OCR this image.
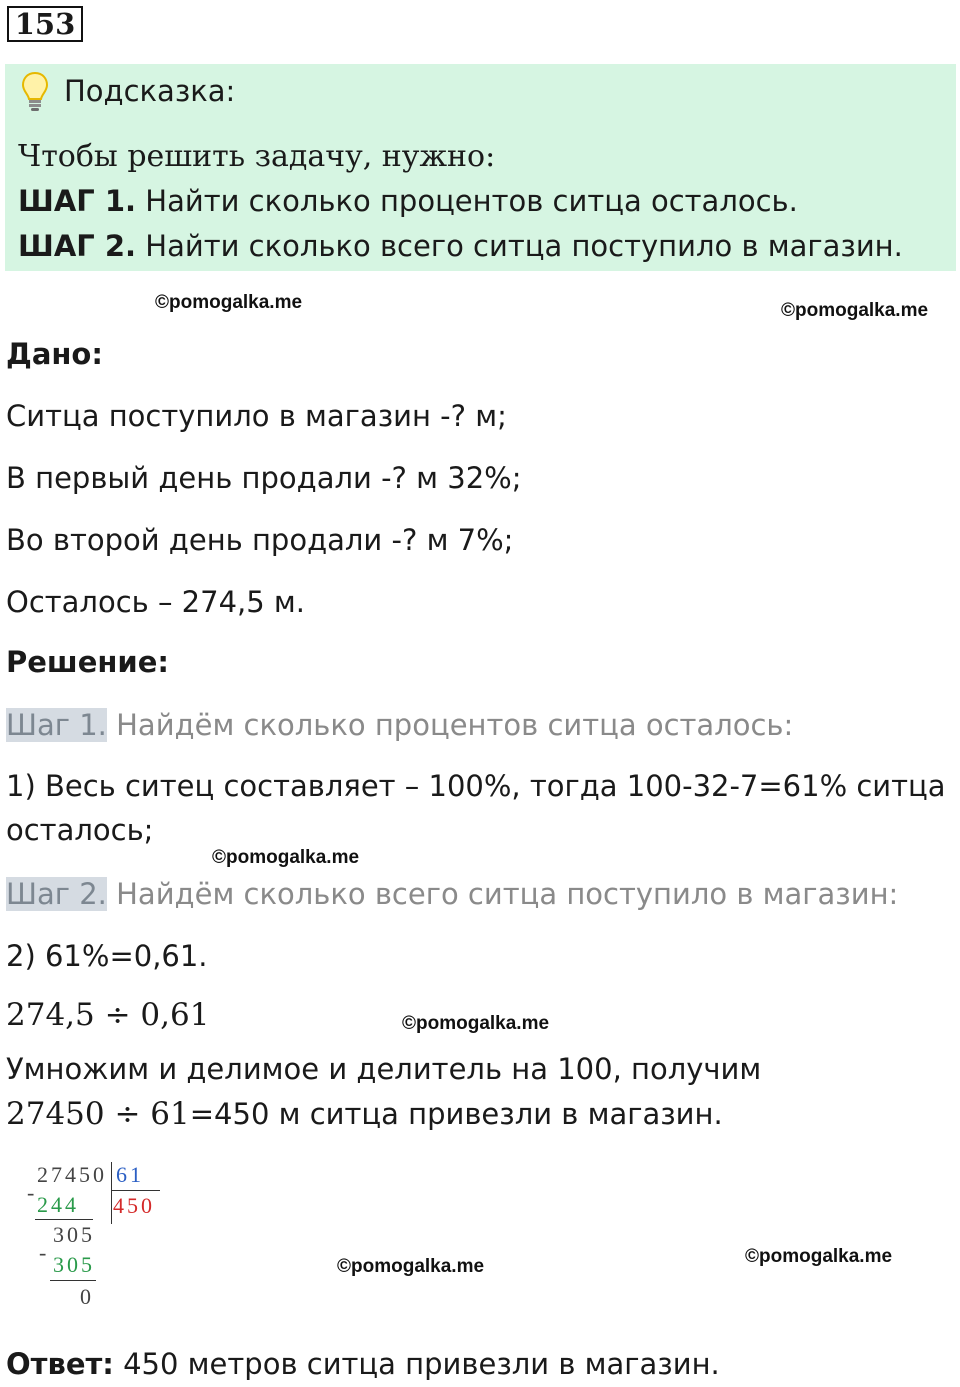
153
Подсказка:
Чтобы решить задачу, нужно:
ШАГ 1. Найти сколько процентов ситца осталось.
ШАГ 2. Найти сколько всего ситца поступило в магазин.
©pomogalka.me	©pomogalka.me
Дано:
Ситца поступило в магазин -? м;
В первый день продали -? м 32%;
Во второй день продали -? м 7%;
Осталось – 274,5 м.
Решение:
Шаг 1. Найдём сколько процентов ситца осталось:
1) Весь ситец составляет – 100%, тогда 100-32-7=61% ситца
осталось;
©pomogalka.me
Шаг 2. Найдём сколько всего ситца поступило в магазин:
2) 61%=0,61.
274,5 ÷ 0,61	©pomogalka.me
Умножим и делимое и делитель на 100, получим
27450 ÷ 61=450 м ситца привезли в магазин.
27450 61
450
- 244
305
- 305
0
©pomogalka.me	©pomogalka.me
Ответ: 450 метров ситца привезли в магазин.
